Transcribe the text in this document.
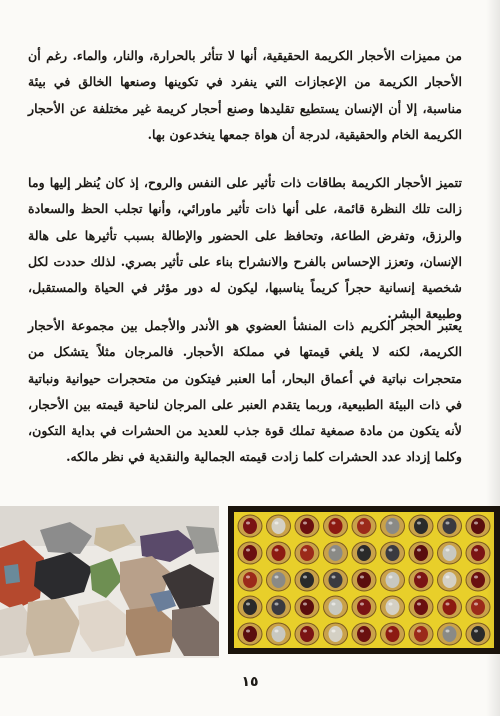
من مميزات الأحجار الكريمة الحقيقية، أنها لا تتأثر بالحرارة، والنار، والماء. رغم أن الأحجار الكريمة من الإعجازات التي ينفرد في تكوينها وصنعها الخالق في بيئة مناسبة، إلا أن الإنسان يستطيع تقليدها وصنع أحجار كريمة غير مختلفة عن الأحجار الكريمة الخام والحقيقية، لدرجة أن هواة جمعها ينخدعون بها.

تتميز الأحجار الكريمة بطاقات ذات تأثير على النفس والروح، إذ كان يُنظر إليها وما زالت تلك النظرة قائمة، على أنها ذات تأثير ماورائي، وأنها تجلب الحظ والسعادة والرزق، وتفرض الطاعة، وتحافظ على الحضور والإطالة بسبب تأثيرها على هالة الإنسان، وتعزز الإحساس بالفرح والانشراح بناء على تأثير بصري. لذلك حددت لكل شخصية إنسانية حجراً كريماً يناسبها، ليكون له دور مؤثر في الحياة والمستقبل، وطبيعة البشر.

يعتبر الحجر الكريم ذات المنشأ العضوي هو الأندر والأجمل بين مجموعة الأحجار الكريمة، لكنه لا يلغي قيمتها في مملكة الأحجار. فالمرجان مثلاً يتشكل من متحجرات نباتية في أعماق البحار، أما العنبر فيتكون من متحجرات حيوانية ونباتية في ذات البيئة الطبيعية، وربما يتقدم العنبر على المرجان لناحية قيمته بين الأحجار، لأنه يتكون من مادة صمغية تملك قوة جذب للعديد من الحشرات في بداية التكون، وكلما إزداد عدد الحشرات كلما زادت قيمته الجمالية والنقدية في نظر مالكه.

١٥
